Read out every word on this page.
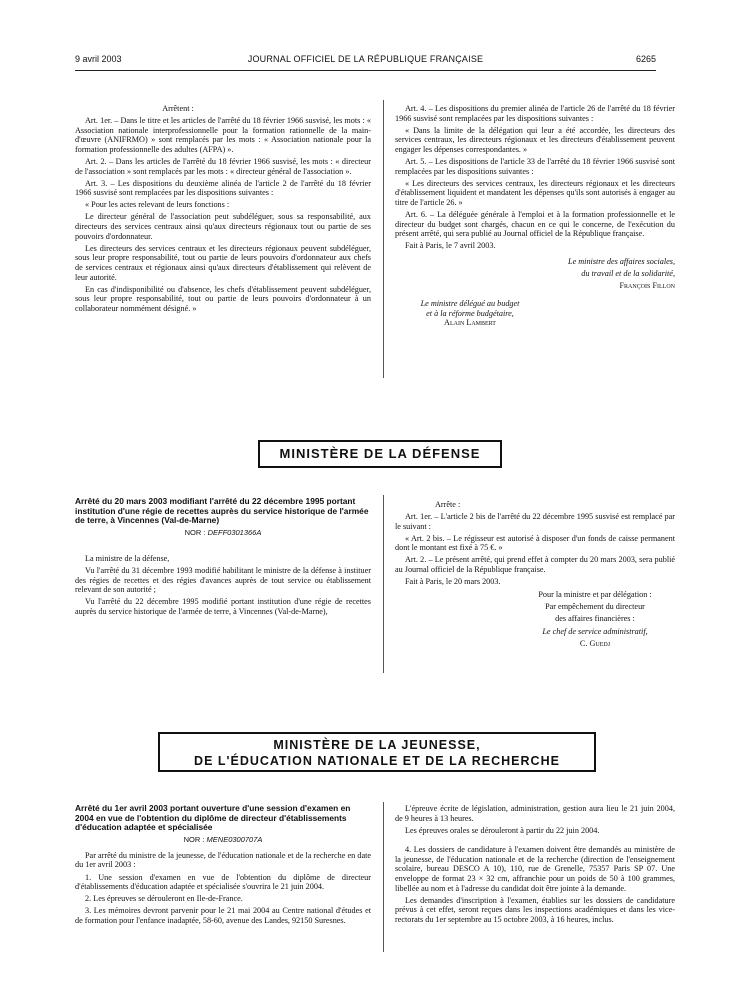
9 avril 2003	JOURNAL OFFICIEL DE LA RÉPUBLIQUE FRANÇAISE	6265

Arrêtent :

Art. 1er. – Dans le titre et les articles de l'arrêté du 18 février 1966 susvisé, les mots : « Association nationale interprofessionnelle pour la formation rationnelle de la main-d'œuvre (ANIFRMO) » sont remplacés par les mots : « Association nationale pour la formation professionnelle des adultes (AFPA) ».

Art. 2. – Dans les articles de l'arrêté du 18 février 1966 susvisé, les mots : « directeur de l'association » sont remplacés par les mots : « directeur général de l'association ».

Art. 3. – Les dispositions du deuxième alinéa de l'article 2 de l'arrêté du 18 février 1966 susvisé sont remplacées par les dispositions suivantes :

« Pour les actes relevant de leurs fonctions :

Le directeur général de l'association peut subdéléguer, sous sa responsabilité, aux directeurs des services centraux ainsi qu'aux directeurs régionaux tout ou partie de ses pouvoirs d'ordonnateur.

Les directeurs des services centraux et les directeurs régionaux peuvent subdéléguer, sous leur propre responsabilité, tout ou partie de leurs pouvoirs d'ordonnateur aux chefs de services centraux et régionaux ainsi qu'aux directeurs d'établissement qui relèvent de leur autorité.

En cas d'indisponibilité ou d'absence, les chefs d'établissement peuvent subdéléguer, sous leur propre responsabilité, tout ou partie de leurs pouvoirs d'ordonnateur à un collaborateur nommément désigné. »

Art. 4. – Les dispositions du premier alinéa de l'article 26 de l'arrêté du 18 février 1966 susvisé sont remplacées par les dispositions suivantes :

« Dans la limite de la délégation qui leur a été accordée, les directeurs des services centraux, les directeurs régionaux et les directeurs d'établissement peuvent engager les dépenses correspondantes. »

Art. 5. – Les dispositions de l'article 33 de l'arrêté du 18 février 1966 susvisé sont remplacées par les dispositions suivantes :

« Les directeurs des services centraux, les directeurs régionaux et les directeurs d'établissement liquident et mandatent les dépenses qu'ils sont autorisés à engager au titre de l'article 26. »

Art. 6. – La déléguée générale à l'emploi et à la formation professionnelle et le directeur du budget sont chargés, chacun en ce qui le concerne, de l'exécution du présent arrêté, qui sera publié au Journal officiel de la République française.

Fait à Paris, le 7 avril 2003.

Le ministre des affaires sociales,

du travail et de la solidarité,

François Fillon

Le ministre délégué au budget

et à la réforme budgétaire,

Alain Lambert

MINISTÈRE DE LA DÉFENSE

Arrêté du 20 mars 2003 modifiant l'arrêté du 22 décembre 1995 portant institution d'une régie de recettes auprès du service historique de l'armée de terre, à Vincennes (Val-de-Marne)

NOR : DEFF0301366A

La ministre de la défense,

Vu l'arrêté du 31 décembre 1993 modifié habilitant le ministre de la défense à instituer des régies de recettes et des régies d'avances auprès de tout service ou établissement relevant de son autorité ;

Vu l'arrêté du 22 décembre 1995 modifié portant institution d'une régie de recettes auprès du service historique de l'armée de terre, à Vincennes (Val-de-Marne),

Arrête :

Art. 1er. – L'article 2 bis de l'arrêté du 22 décembre 1995 susvisé est remplacé par le suivant :

« Art. 2 bis. – Le régisseur est autorisé à disposer d'un fonds de caisse permanent dont le montant est fixé à 75 €. »

Art. 2. – Le présent arrêté, qui prend effet à compter du 20 mars 2003, sera publié au Journal officiel de la République française.

Fait à Paris, le 20 mars 2003.

Pour la ministre et par délégation :

Par empêchement du directeur

des affaires financières :

Le chef de service administratif,

C. Guedj

MINISTÈRE DE LA JEUNESSE,
DE L'ÉDUCATION NATIONALE ET DE LA RECHERCHE

Arrêté du 1er avril 2003 portant ouverture d'une session d'examen en 2004 en vue de l'obtention du diplôme de directeur d'établissements d'éducation adaptée et spécialisée

NOR : MENE0300707A

Par arrêté du ministre de la jeunesse, de l'éducation nationale et de la recherche en date du 1er avril 2003 :

1. Une session d'examen en vue de l'obtention du diplôme de directeur d'établissements d'éducation adaptée et spécialisée s'ouvrira le 21 juin 2004.

2. Les épreuves se dérouleront en Ile-de-France.

3. Les mémoires devront parvenir pour le 21 mai 2004 au Centre national d'études et de formation pour l'enfance inadaptée, 58-60, avenue des Landes, 92150 Suresnes.

L'épreuve écrite de législation, administration, gestion aura lieu le 21 juin 2004, de 9 heures à 13 heures.

Les épreuves orales se dérouleront à partir du 22 juin 2004.

4. Les dossiers de candidature à l'examen doivent être demandés au ministère de la jeunesse, de l'éducation nationale et de la recherche (direction de l'enseignement scolaire, bureau DESCO A 10), 110, rue de Grenelle, 75357 Paris SP 07. Une enveloppe de format 23 × 32 cm, affranchie pour un poids de 50 à 100 grammes, libellée au nom et à l'adresse du candidat doit être jointe à la demande.

Les demandes d'inscription à l'examen, établies sur les dossiers de candidature prévus à cet effet, seront reçues dans les inspections académiques et dans les vice-rectorats du 1er septembre au 15 octobre 2003, à 16 heures, inclus.
